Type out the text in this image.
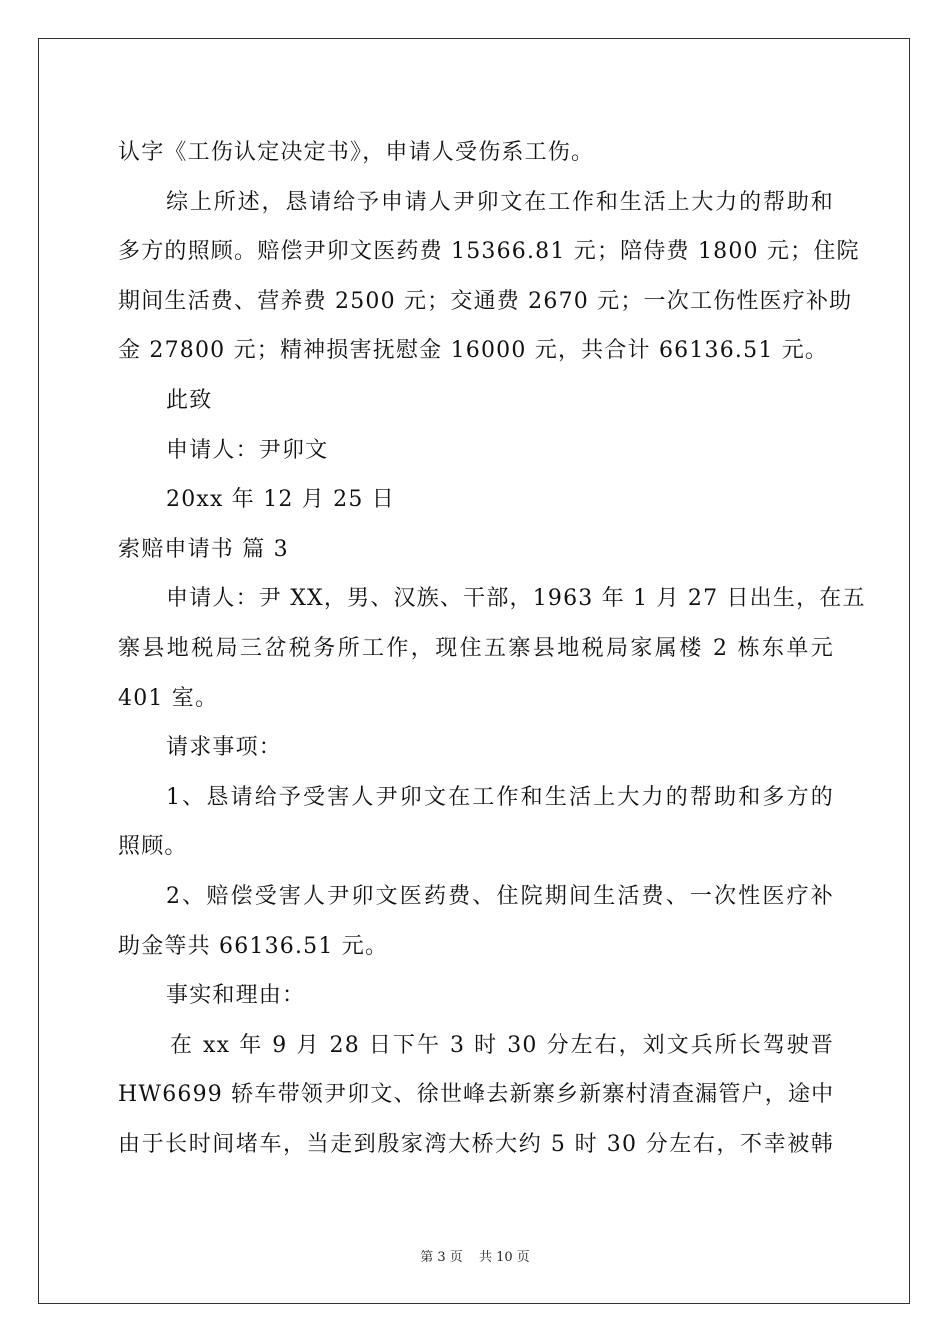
认字《工伤认定决定书》，申请人受伤系工伤。
综上所述，恳请给予申请人尹卯文在工作和生活上大力的帮助和
多方的照顾。赔偿尹卯文医药费 15366.81 元；陪侍费 1800 元；住院
期间生活费、营养费 2500 元；交通费 2670 元；一次工伤性医疗补助
金 27800 元；精神损害抚慰金 16000 元，共合计 66136.51 元。
此致
申请人：尹卯文
20xx 年 12 月 25 日
索赔申请书 篇 3
申请人：尹 XX，男、汉族、干部，1963 年 1 月 27 日出生，在五
寨县地税局三岔税务所工作，现住五寨县地税局家属楼 2 栋东单元
401 室。
请求事项：
1、恳请给予受害人尹卯文在工作和生活上大力的帮助和多方的
照顾。
2、赔偿受害人尹卯文医药费、住院期间生活费、一次性医疗补
助金等共 66136.51 元。
事实和理由：
在 xx 年 9 月 28 日下午 3 时 30 分左右，刘文兵所长驾驶晋
HW6699 轿车带领尹卯文、徐世峰去新寨乡新寨村清查漏管户，途中
由于长时间堵车，当走到殷家湾大桥大约 5 时 30 分左右，不幸被韩
第 3 页 共 10 页
